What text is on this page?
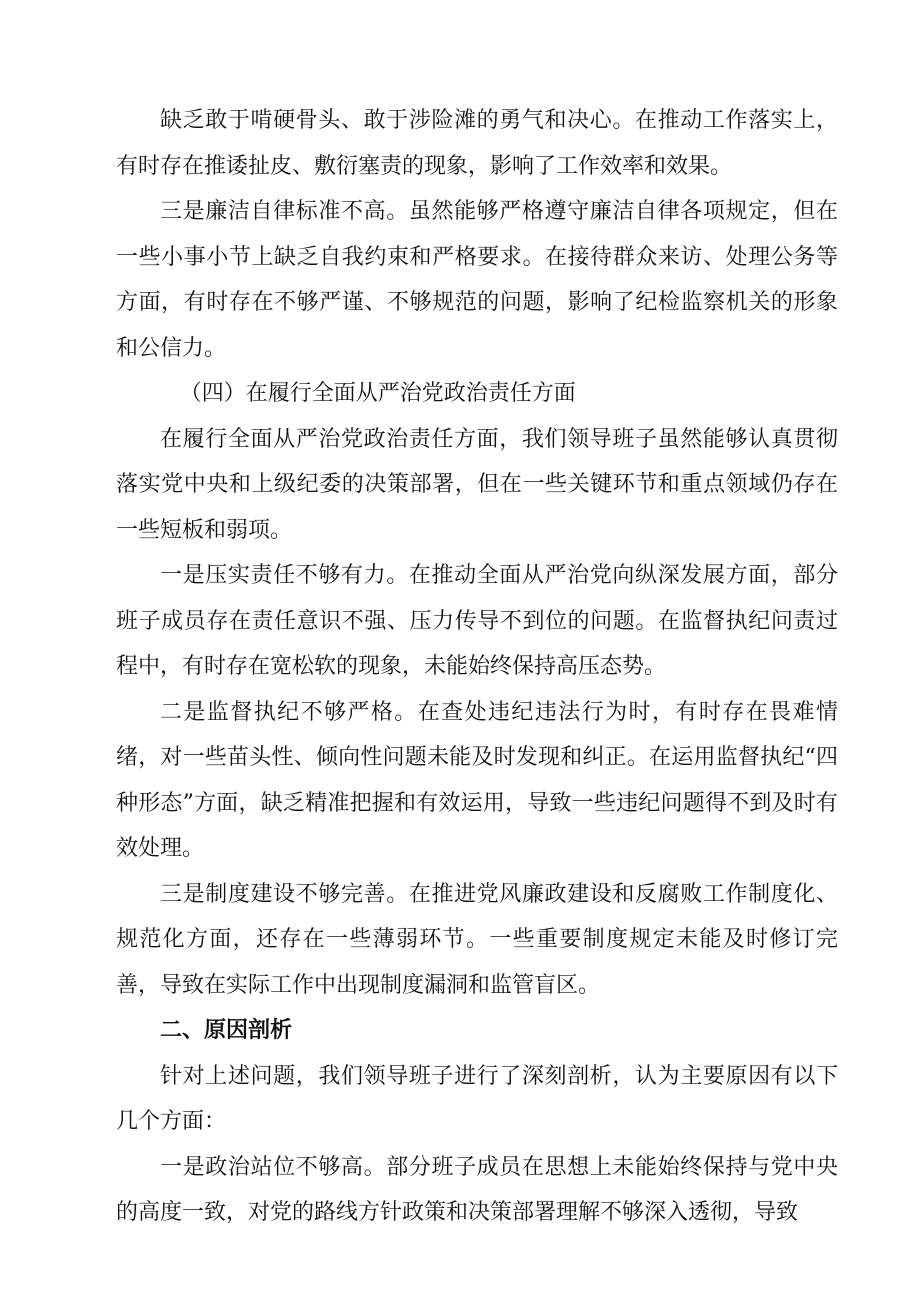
缺乏敢于啃硬骨头、敢于涉险滩的勇气和决心。在推动工作落实上，有时存在推诿扯皮、敷衍塞责的现象，影响了工作效率和效果。

三是廉洁自律标准不高。虽然能够严格遵守廉洁自律各项规定，但在一些小事小节上缺乏自我约束和严格要求。在接待群众来访、处理公务等方面，有时存在不够严谨、不够规范的问题，影响了纪检监察机关的形象和公信力。

（四）在履行全面从严治党政治责任方面

在履行全面从严治党政治责任方面，我们领导班子虽然能够认真贯彻落实党中央和上级纪委的决策部署，但在一些关键环节和重点领域仍存在一些短板和弱项。

一是压实责任不够有力。在推动全面从严治党向纵深发展方面，部分班子成员存在责任意识不强、压力传导不到位的问题。在监督执纪问责过程中，有时存在宽松软的现象，未能始终保持高压态势。

二是监督执纪不够严格。在查处违纪违法行为时，有时存在畏难情绪，对一些苗头性、倾向性问题未能及时发现和纠正。在运用监督执纪“四种形态”方面，缺乏精准把握和有效运用，导致一些违纪问题得不到及时有效处理。

三是制度建设不够完善。在推进党风廉政建设和反腐败工作制度化、规范化方面，还存在一些薄弱环节。一些重要制度规定未能及时修订完善，导致在实际工作中出现制度漏洞和监管盲区。

二、原因剖析

针对上述问题，我们领导班子进行了深刻剖析，认为主要原因有以下几个方面：

一是政治站位不够高。部分班子成员在思想上未能始终保持与党中央的高度一致，对党的路线方针政策和决策部署理解不够深入透彻，导致
